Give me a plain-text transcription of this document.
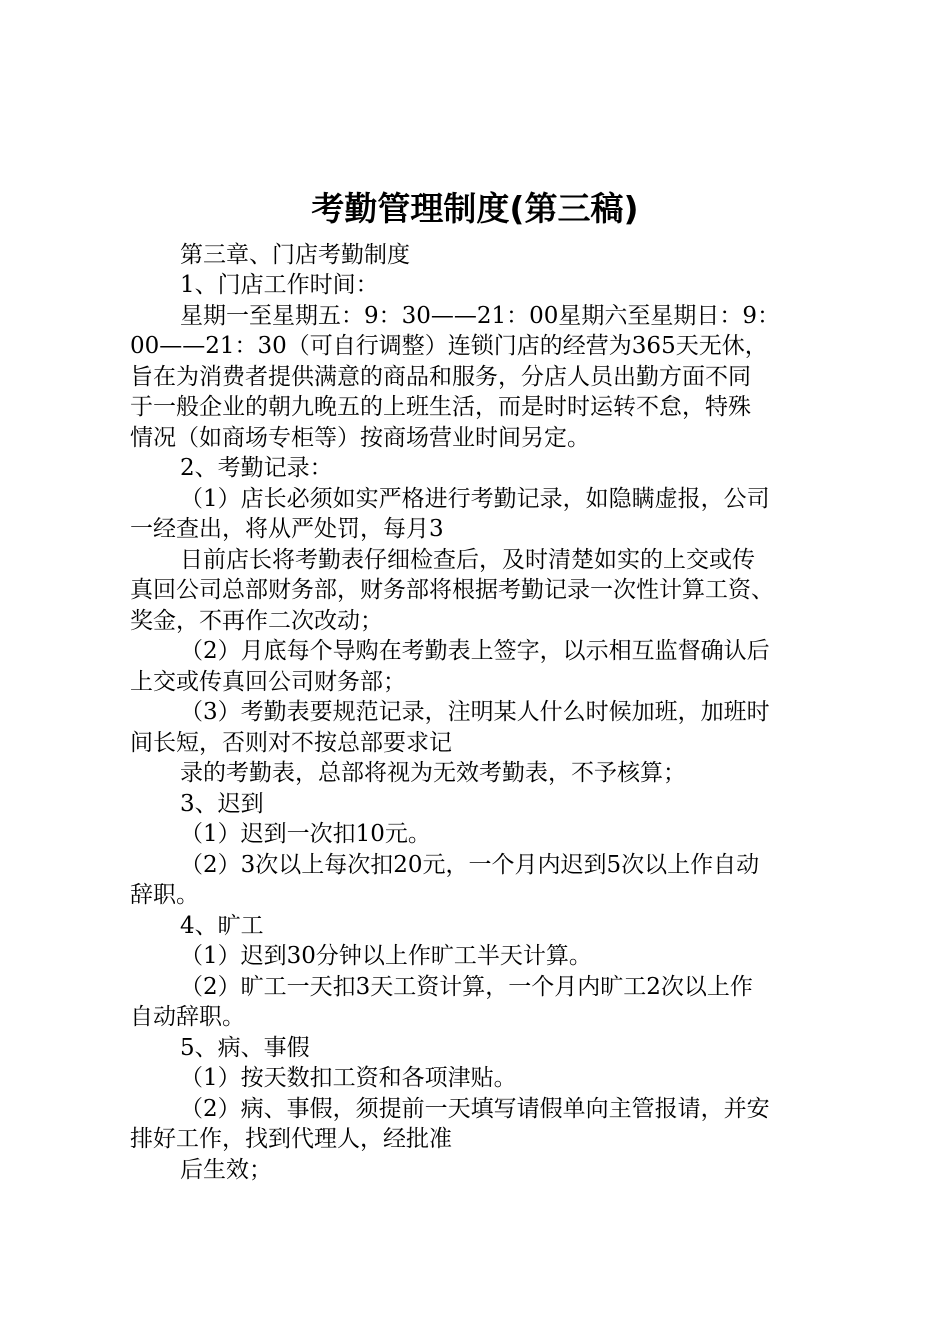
考勤管理制度(第三稿)

第三章、门店考勤制度

1、门店工作时间：

星期一至星期五：9：30——21：00星期六至星期日：9：

00——21：30（可自行调整）连锁门店的经营为365天无休，

旨在为消费者提供满意的商品和服务，分店人员出勤方面不同

于一般企业的朝九晚五的上班生活，而是时时运转不怠，特殊

情况（如商场专柜等）按商场营业时间另定。

2、考勤记录：

（1）店长必须如实严格进行考勤记录，如隐瞒虚报，公司

一经查出，将从严处罚，每月3

日前店长将考勤表仔细检查后，及时清楚如实的上交或传

真回公司总部财务部，财务部将根据考勤记录一次性计算工资、

奖金，不再作二次改动；

（2）月底每个导购在考勤表上签字，以示相互监督确认后

上交或传真回公司财务部；

（3）考勤表要规范记录，注明某人什么时候加班，加班时

间长短，否则对不按总部要求记

录的考勤表，总部将视为无效考勤表，不予核算；

3、迟到

（1）迟到一次扣10元。

（2）3次以上每次扣20元，一个月内迟到5次以上作自动

辞职。

4、旷工

（1）迟到30分钟以上作旷工半天计算。

（2）旷工一天扣3天工资计算，一个月内旷工2次以上作

自动辞职。

5、病、事假

（1）按天数扣工资和各项津贴。

（2）病、事假，须提前一天填写请假单向主管报请，并安

排好工作，找到代理人，经批准

后生效；
